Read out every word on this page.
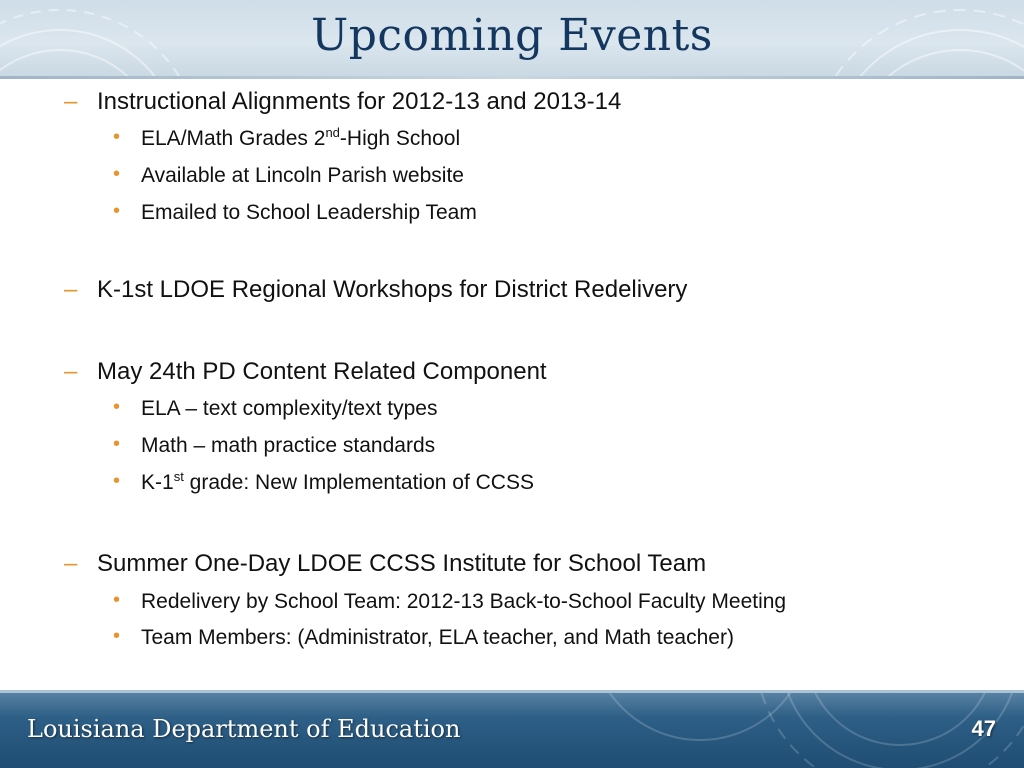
Upcoming Events
– Instructional Alignments for 2012-13 and 2013-14
• ELA/Math Grades 2nd-High School
• Available at Lincoln Parish website
• Emailed to School Leadership Team
– K-1st LDOE Regional Workshops for District Redelivery
– May 24th PD Content Related Component
• ELA – text complexity/text types
• Math – math practice standards
• K-1st grade: New Implementation of CCSS
– Summer One-Day LDOE CCSS Institute for School Team
• Redelivery by School Team: 2012-13 Back-to-School Faculty Meeting
• Team Members: (Administrator, ELA teacher, and Math teacher)
Louisiana Department of Education	47
